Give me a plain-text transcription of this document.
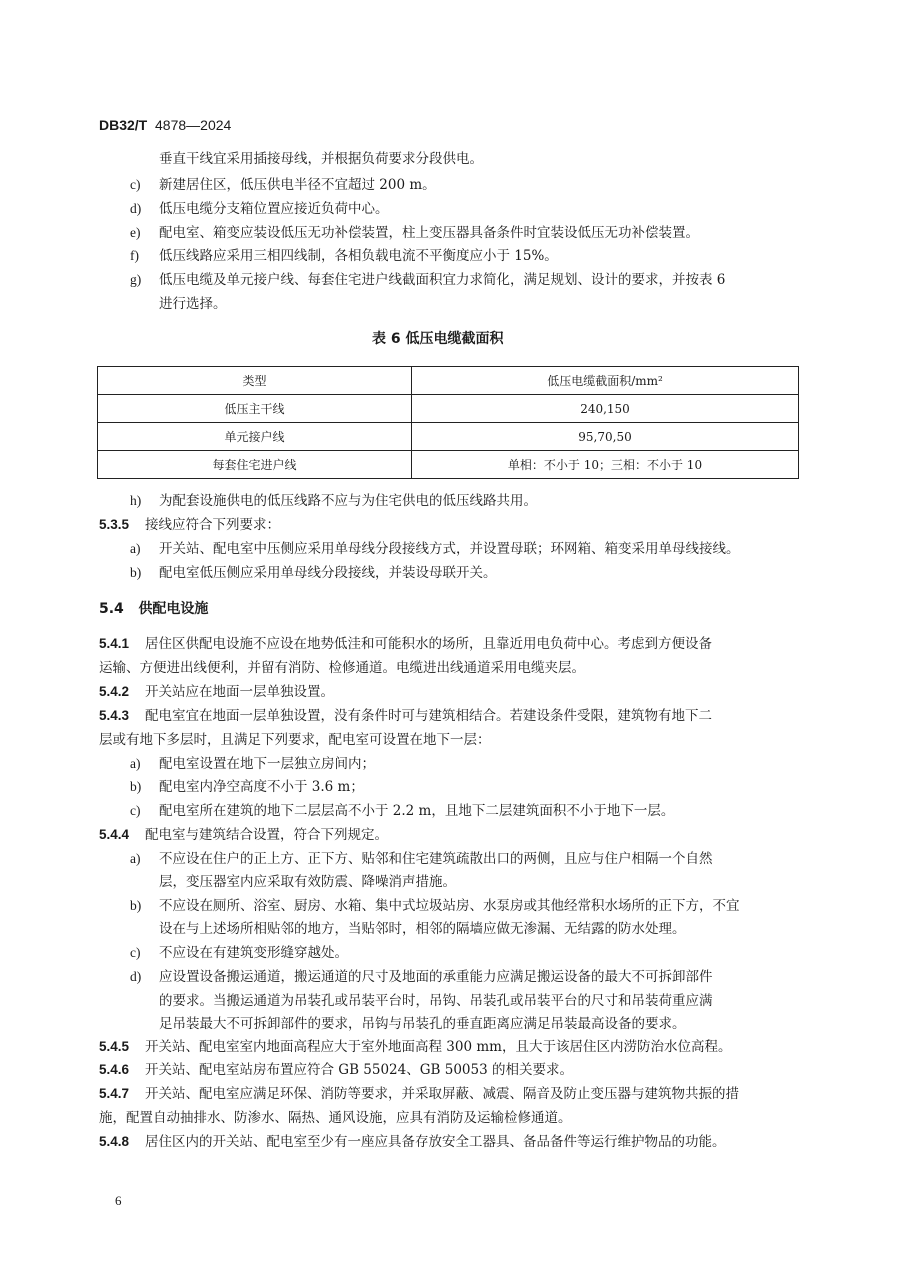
DB32/T 4878—2024
垂直干线宜采用插接母线，并根据负荷要求分段供电。
c) 新建居住区，低压供电半径不宜超过 200 m。
d) 低压电缆分支箱位置应接近负荷中心。
e) 配电室、箱变应装设低压无功补偿装置，柱上变压器具备条件时宜装设低压无功补偿装置。
f) 低压线路应采用三相四线制，各相负载电流不平衡度应小于 15%。
g) 低压电缆及单元接户线、每套住宅进户线截面积宜力求简化，满足规划、设计的要求，并按表 6
进行选择。
表 6 低压电缆截面积
类型	低压电缆截面积/mm²
低压主干线	240,150
单元接户线	95,70,50
每套住宅进户线	单相：不小于 10；三相：不小于 10
h) 为配套设施供电的低压线路不应与为住宅供电的低压线路共用。
5.3.5 接线应符合下列要求：
a) 开关站、配电室中压侧应采用单母线分段接线方式，并设置母联；环网箱、箱变采用单母线接线。
b) 配电室低压侧应采用单母线分段接线，并装设母联开关。
5.4 供配电设施
5.4.1 居住区供配电设施不应设在地势低洼和可能积水的场所，且靠近用电负荷中心。考虑到方便设备
运输、方便进出线便利，并留有消防、检修通道。电缆进出线通道采用电缆夹层。
5.4.2 开关站应在地面一层单独设置。
5.4.3 配电室宜在地面一层单独设置，没有条件时可与建筑相结合。若建设条件受限，建筑物有地下二
层或有地下多层时，且满足下列要求，配电室可设置在地下一层：
a) 配电室设置在地下一层独立房间内；
b) 配电室内净空高度不小于 3.6 m；
c) 配电室所在建筑的地下二层层高不小于 2.2 m，且地下二层建筑面积不小于地下一层。
5.4.4 配电室与建筑结合设置，符合下列规定。
a) 不应设在住户的正上方、正下方、贴邻和住宅建筑疏散出口的两侧，且应与住户相隔一个自然
层，变压器室内应采取有效防震、降噪消声措施。
b) 不应设在厕所、浴室、厨房、水箱、集中式垃圾站房、水泵房或其他经常积水场所的正下方，不宜
设在与上述场所相贴邻的地方，当贴邻时，相邻的隔墙应做无渗漏、无结露的防水处理。
c) 不应设在有建筑变形缝穿越处。
d) 应设置设备搬运通道，搬运通道的尺寸及地面的承重能力应满足搬运设备的最大不可拆卸部件
的要求。当搬运通道为吊装孔或吊装平台时，吊钩、吊装孔或吊装平台的尺寸和吊装荷重应满
足吊装最大不可拆卸部件的要求，吊钩与吊装孔的垂直距离应满足吊装最高设备的要求。
5.4.5 开关站、配电室室内地面高程应大于室外地面高程 300 mm，且大于该居住区内涝防治水位高程。
5.4.6 开关站、配电室站房布置应符合 GB 55024、GB 50053 的相关要求。
5.4.7 开关站、配电室应满足环保、消防等要求，并采取屏蔽、减震、隔音及防止变压器与建筑物共振的措
施，配置自动抽排水、防渗水、隔热、通风设施，应具有消防及运输检修通道。
5.4.8 居住区内的开关站、配电室至少有一座应具备存放安全工器具、备品备件等运行维护物品的功能。
6
